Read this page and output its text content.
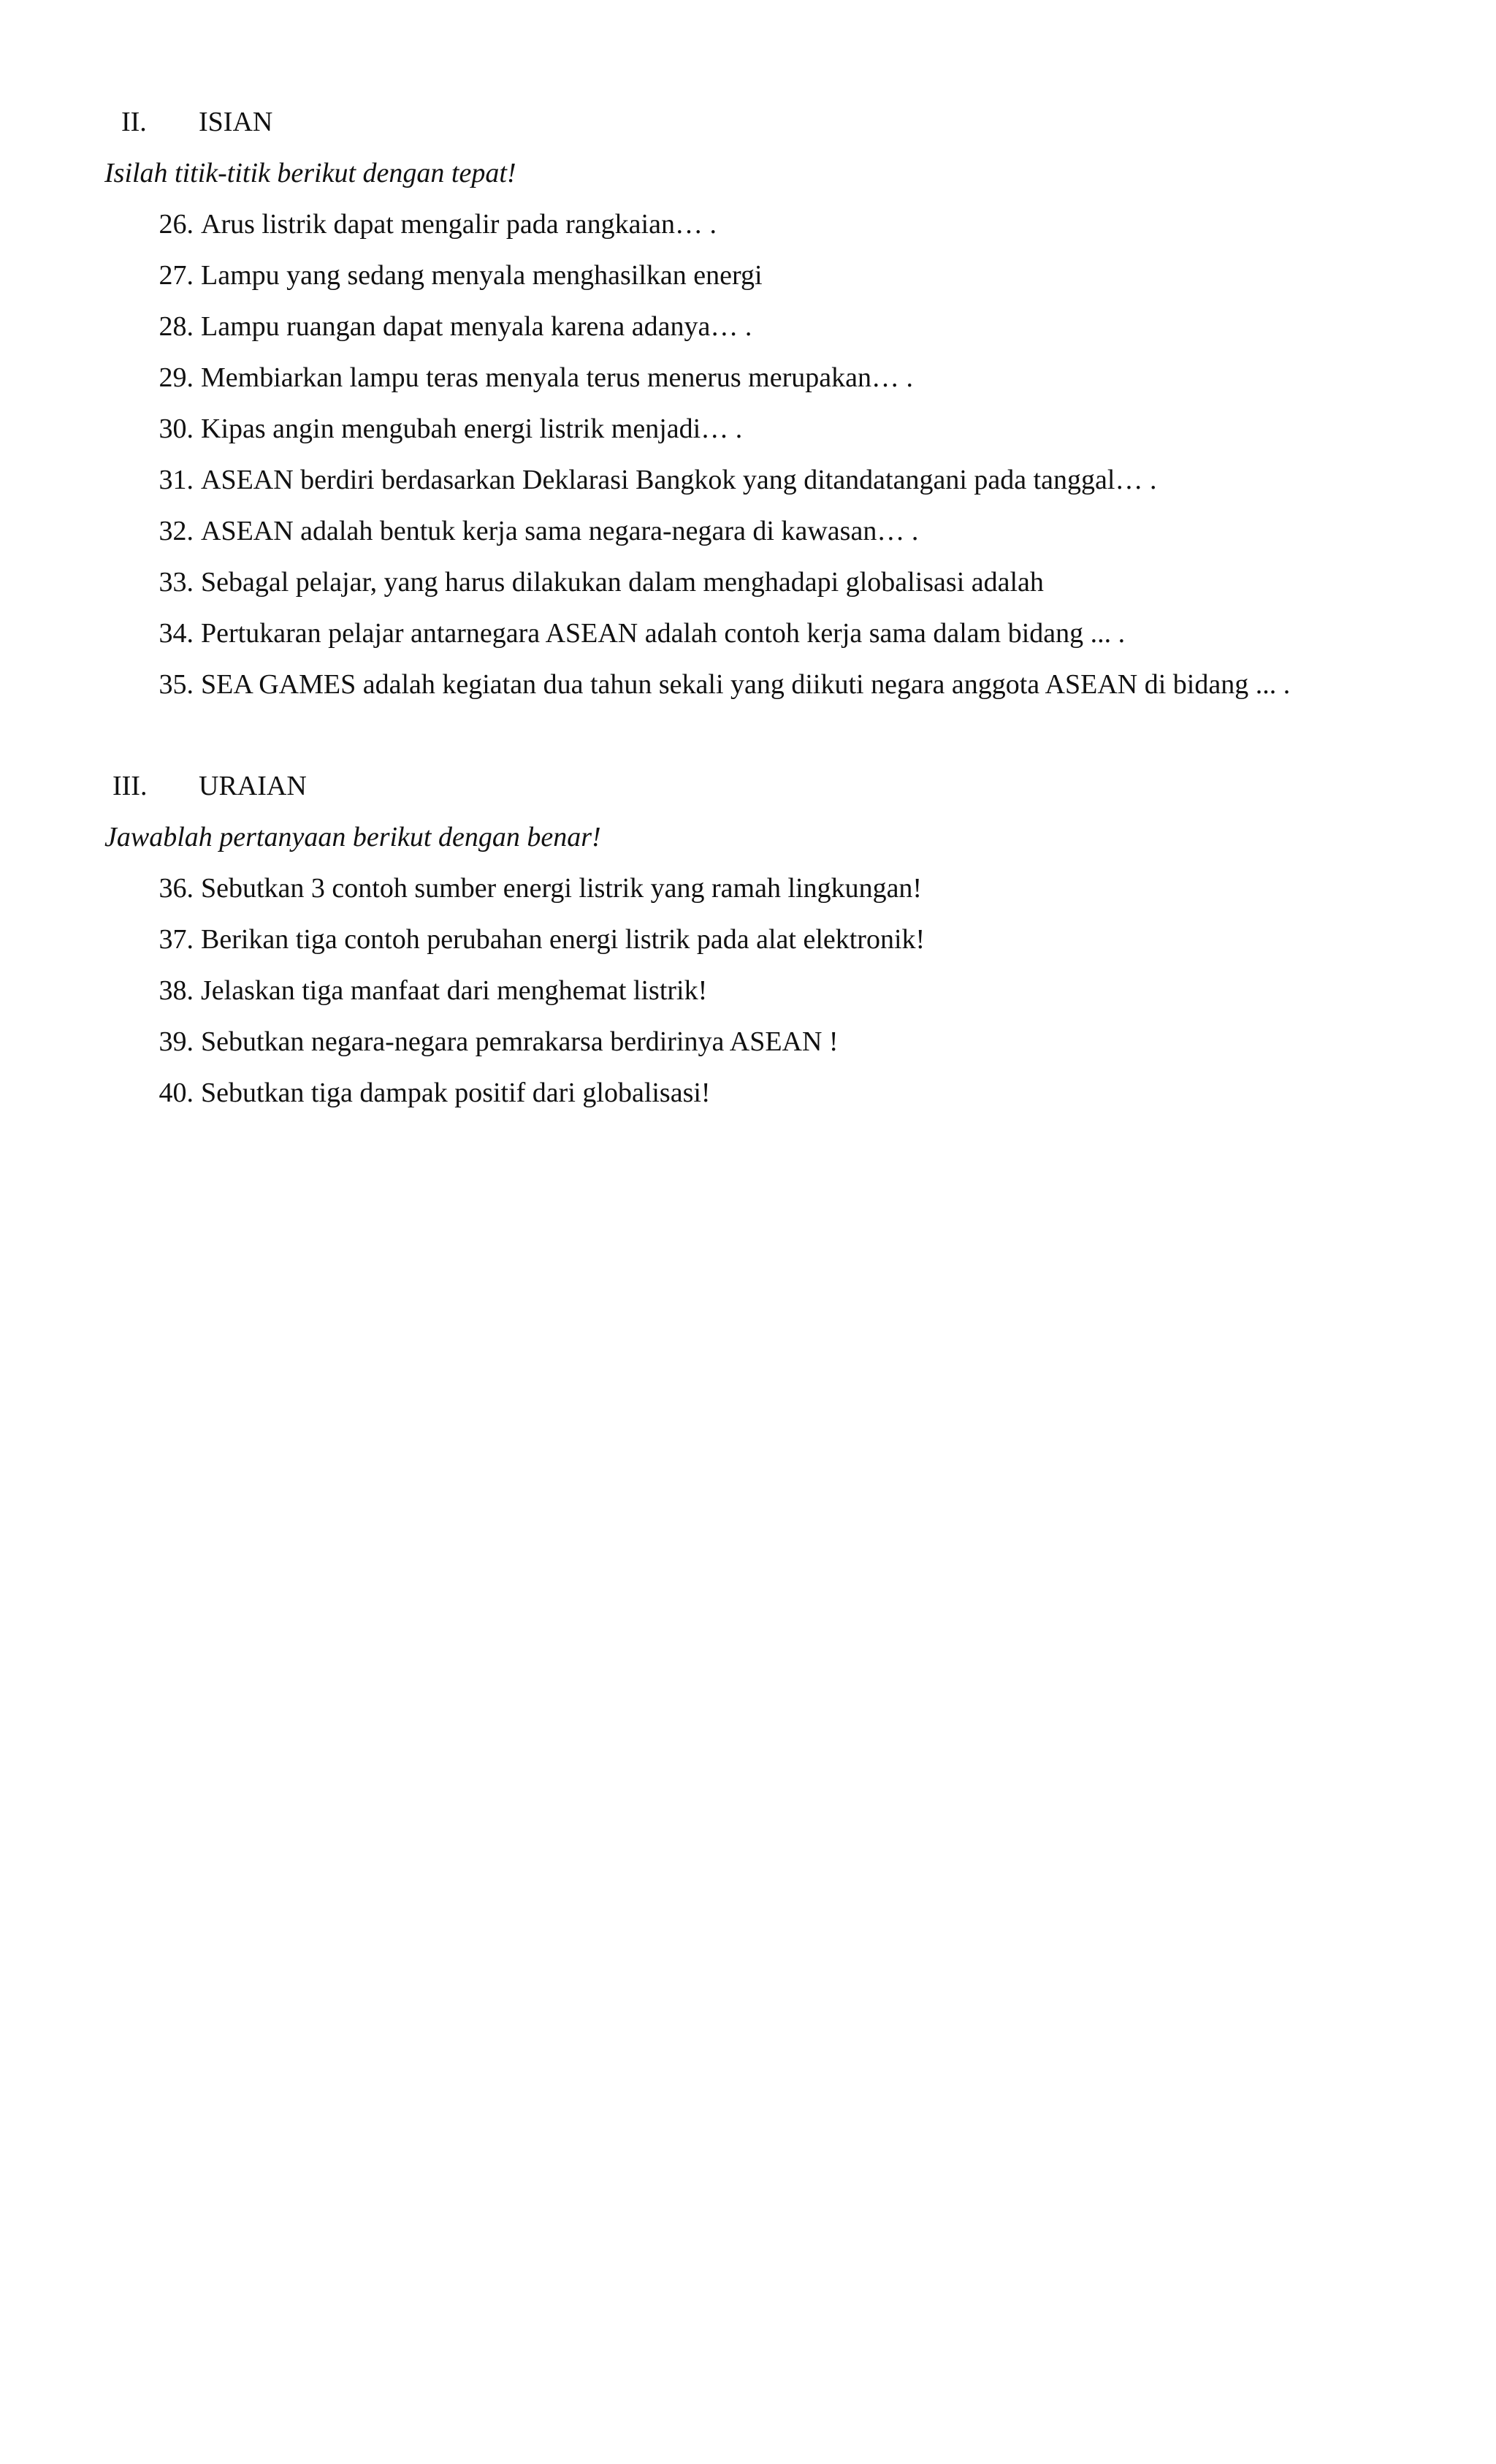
II.	ISIAN
Isilah titik-titik berikut dengan tepat!
26. Arus listrik dapat mengalir pada rangkaian… .
27. Lampu yang sedang menyala menghasilkan energi
28. Lampu ruangan dapat menyala karena adanya… .
29. Membiarkan lampu teras menyala terus menerus merupakan… .
30. Kipas angin mengubah energi listrik menjadi… .
31. ASEAN berdiri berdasarkan Deklarasi Bangkok yang ditandatangani pada tanggal… .
32. ASEAN adalah bentuk kerja sama negara-negara di kawasan… .
33. Sebagal pelajar, yang harus dilakukan dalam menghadapi globalisasi adalah
34. Pertukaran pelajar antarnegara ASEAN adalah contoh kerja sama dalam bidang ... .
35. SEA GAMES adalah kegiatan dua tahun sekali yang diikuti negara anggota ASEAN di bidang ... .
III.	URAIAN
Jawablah pertanyaan berikut dengan benar!
36. Sebutkan 3 contoh sumber energi listrik yang ramah lingkungan!
37. Berikan tiga contoh perubahan energi listrik pada alat elektronik!
38. Jelaskan tiga manfaat dari menghemat listrik!
39. Sebutkan negara-negara pemrakarsa berdirinya ASEAN !
40. Sebutkan tiga dampak positif dari globalisasi!
